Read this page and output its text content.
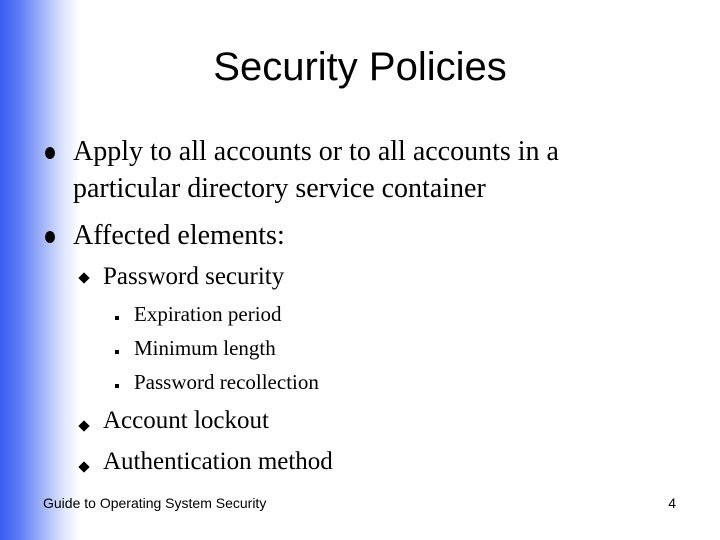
Security Policies
Apply to all accounts or to all accounts in a particular directory service container
Affected elements:
Password security
Expiration period
Minimum length
Password recollection
Account lockout
Authentication method
Guide to Operating System Security	4
